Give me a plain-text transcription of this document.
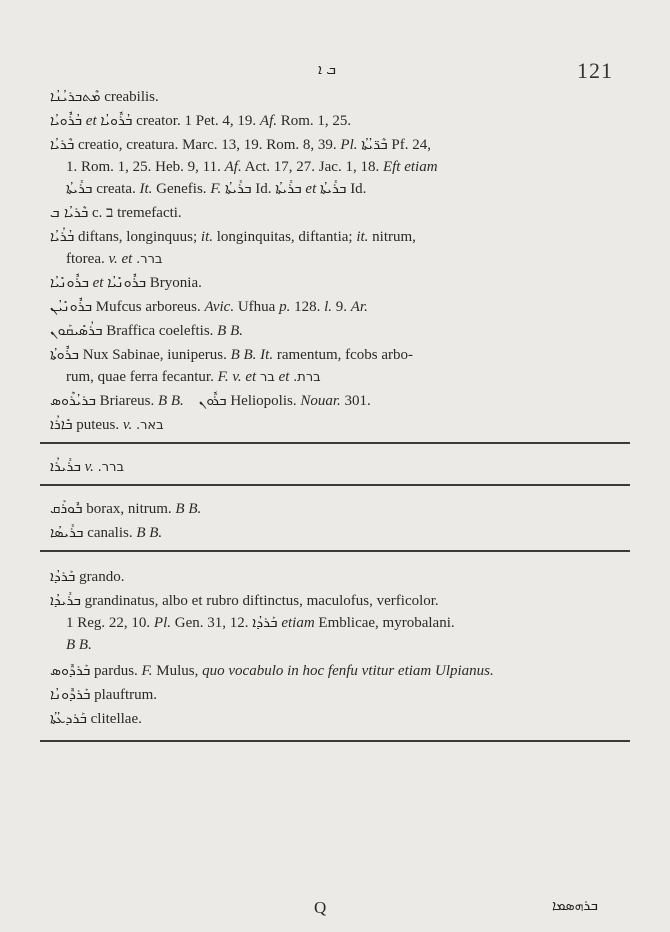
ܒ ܐ	121
ܡܶܬܒܪܝܳܢܳܐ creabilis.
ܒܳܪܽܘܝܳܐ et ܒܳܪܽܘܝܳܐ creator. 1 Pet. 4, 19. Af. Rom. 1, 25.
ܒܶܪܝܳܐ creatio, creatura. Marc. 13, 19. Rom. 8, 39. Pl. ܒܶܪ̈ܝܳܬܳܐ Pf. 24,
1. Rom. 1, 25. Heb. 9, 11. Af. Act. 17, 27. Jac. 1, 18. Eft etiam
ܒܪܺܝܬܳܐ creata. It. Genefis. F. ܒܪܺܝܬܳܐ Id. ܒܪܺܝܬܳܐ et ܒܪܺܝܬܳܐ Id.
ܒܶܪܝܳܐ ܒ c. ב tremefacti.
ܒܳܪܳܝܳܐ diftans, longinquus; it. longinquitas, diftantia; it. nitrum,
ftorea. v. et ברר.
ܒܪܽܘܢܺܝܳܐ et ܒܪܽܘܢܺܝܳܐ Bryonia.
ܒܪܽܘܢܺܝܳܢ Mufcus arboreus. Avic. Ufhua p. 128. l. 9. Ar.
ܒܪܳܣܺܝܩܰܘܢ Braffica coeleftis. B B.
ܒܪܽܘܬܳܐ Nux Sabinae, iuniperus. B B. It. ramentum, fcobs arbo-
rum, quae ferra fecantur. F. v. et בר et ברת.
ܒܪܝܳܪܶܘܣ Briareus. B B. ܒܪܽܘܢ Heliopolis. Nouar. 301.
ܒܺܐܪܳܐ puteus. v. באר.
ܒܪܺܝܪܳܐ v. ברר.
ܒܽܘܪܰܩ borax, nitrum. B B.
ܒܪܺܝܣܳܐ canalis. B B.
ܒܰܪܕܳܐ grando.
ܒܪܺܝܕܳܐ grandinatus, albo et rubro diftinctus, maculofus, verficolor.
1 Reg. 22, 10. Pl. Gen. 31, 12. ܒܰܪܕܳܐ etiam Emblicae, myrobalani.
B B.
ܒܰܪܕܽܘܣ pardus. F. Mulus, quo vocabulo in hoc fenfu vtitur etiam Ulpianus.
ܒܰܪܕܽܘܢܳܐ plauftrum.
ܒܰܪܕܥܳܬܳܐ clitellae.
Q	ܒܪܗܣܡܐ
